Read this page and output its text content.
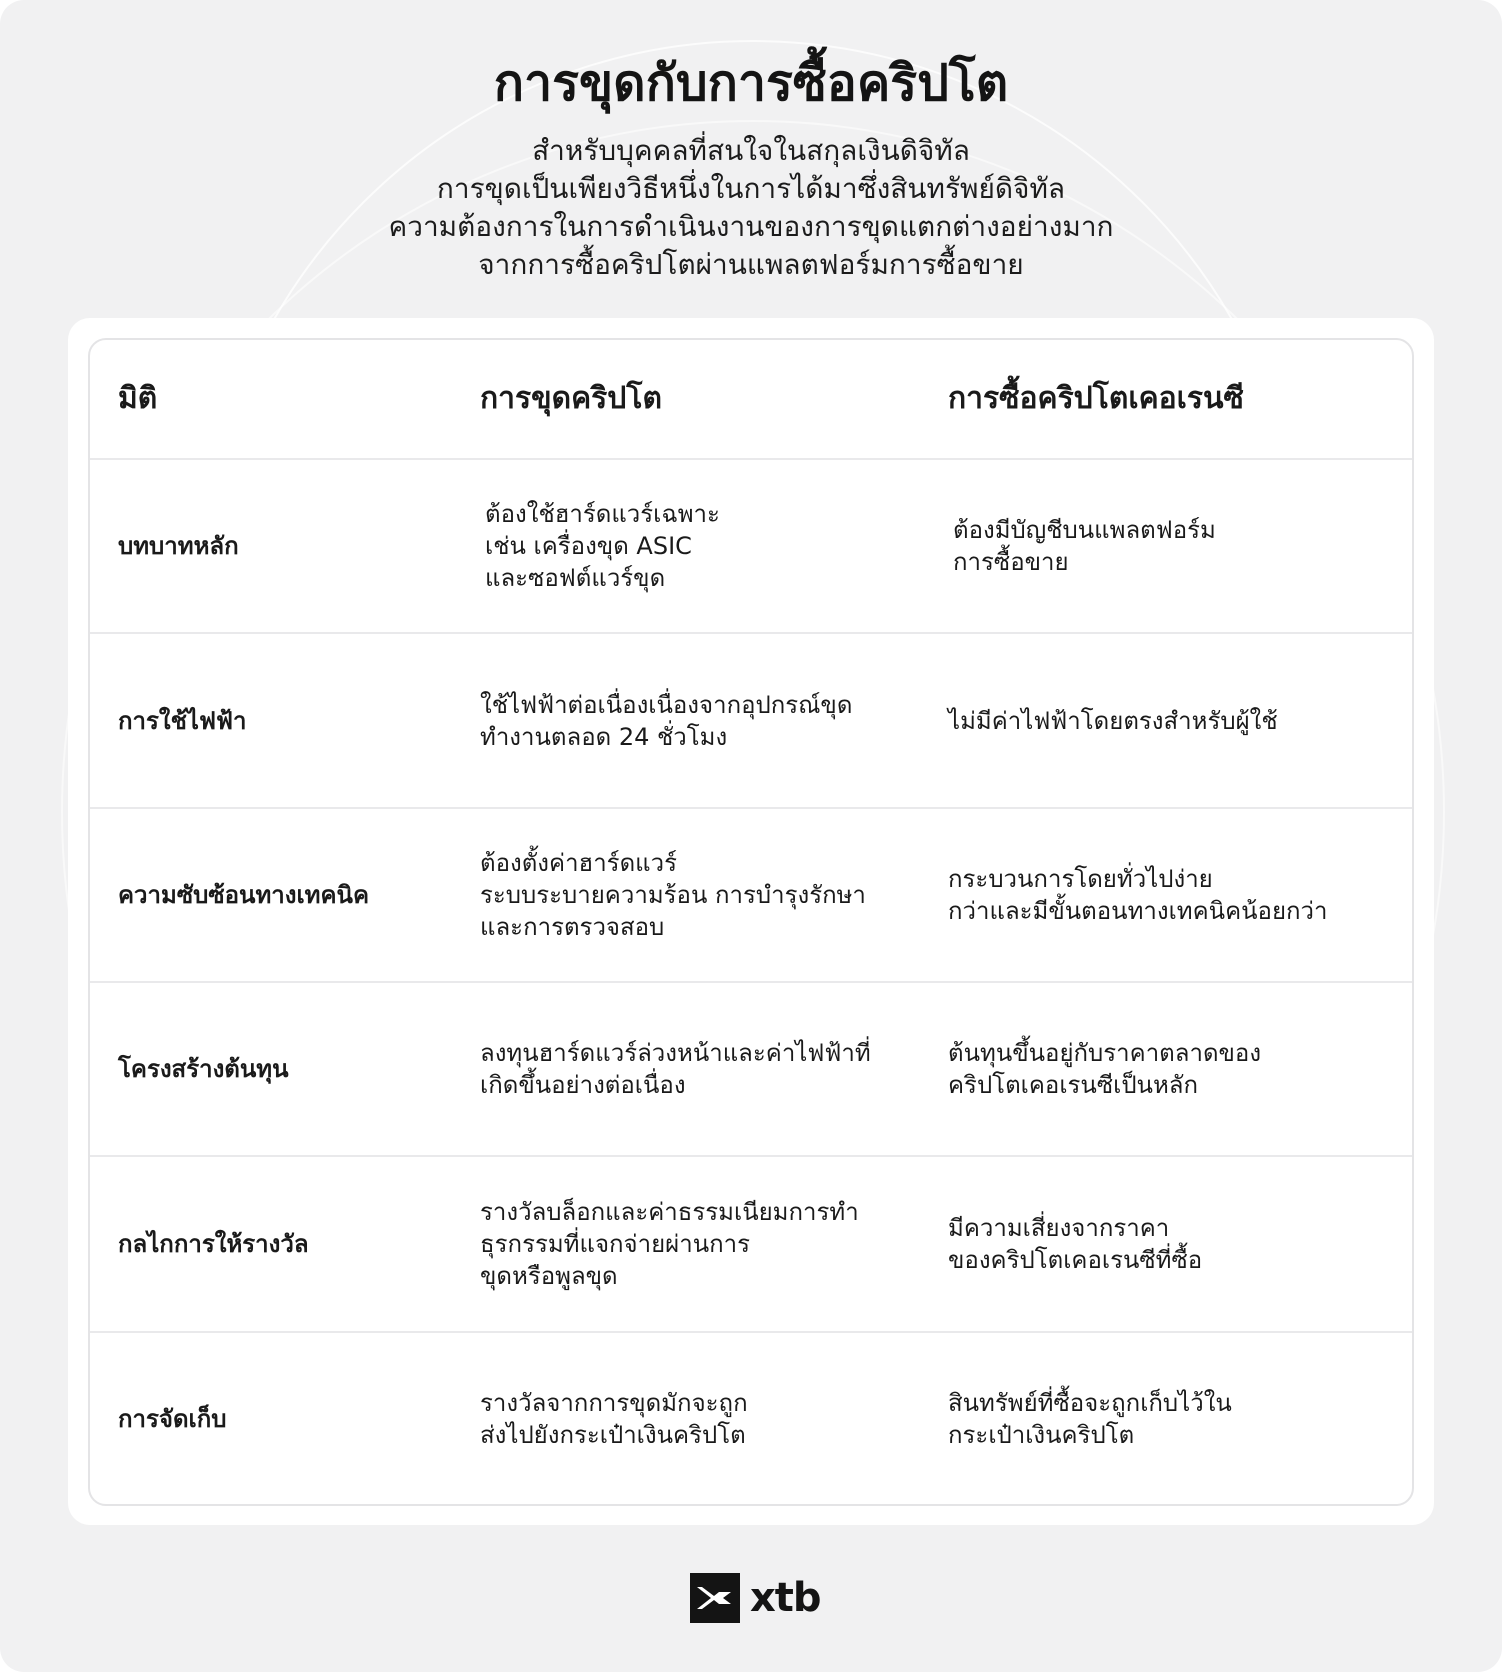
การขุดกับการซื้อคริปโต
สำหรับบุคคลที่สนใจในสกุลเงินดิจิทัล
การขุดเป็นเพียงวิธีหนึ่งในการได้มาซึ่งสินทรัพย์ดิจิทัล
ความต้องการในการดำเนินงานของการขุดแตกต่างอย่างมาก
จากการซื้อคริปโตผ่านแพลตฟอร์มการซื้อขาย
มิติ	การขุดคริปโต	การซื้อคริปโตเคอเรนซี
บทบาทหลัก
ต้องใช้ฮาร์ดแวร์เฉพาะ
เช่น เครื่องขุด ASIC
และซอฟต์แวร์ขุด
ต้องมีบัญชีบนแพลตฟอร์ม
การซื้อขาย
การใช้ไฟฟ้า
ใช้ไฟฟ้าต่อเนื่องเนื่องจากอุปกรณ์ขุด
ทำงานตลอด 24 ชั่วโมง
ไม่มีค่าไฟฟ้าโดยตรงสำหรับผู้ใช้
ความซับซ้อนทางเทคนิค
ต้องตั้งค่าฮาร์ดแวร์
ระบบระบายความร้อน การบำรุงรักษา
และการตรวจสอบ
กระบวนการโดยทั่วไปง่าย
กว่าและมีขั้นตอนทางเทคนิคน้อยกว่า
โครงสร้างต้นทุน
ลงทุนฮาร์ดแวร์ล่วงหน้าและค่าไฟฟ้าที่
เกิดขึ้นอย่างต่อเนื่อง
ต้นทุนขึ้นอยู่กับราคาตลาดของ
คริปโตเคอเรนซีเป็นหลัก
กลไกการให้รางวัล
รางวัลบล็อกและค่าธรรมเนียมการทำ
ธุรกรรมที่แจกจ่ายผ่านการ
ขุดหรือพูลขุด
มีความเสี่ยงจากราคา
ของคริปโตเคอเรนซีที่ซื้อ
การจัดเก็บ
รางวัลจากการขุดมักจะถูก
ส่งไปยังกระเป๋าเงินคริปโต
สินทรัพย์ที่ซื้อจะถูกเก็บไว้ใน
กระเป๋าเงินคริปโต
xtb
